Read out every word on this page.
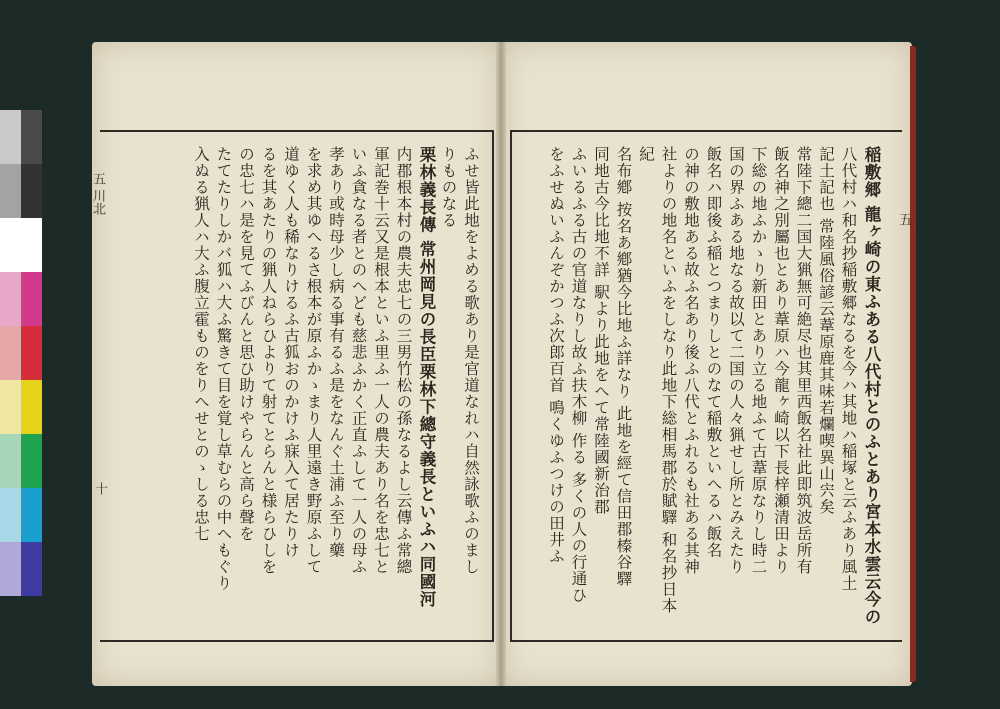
五 川北
十
五

ふせ皆此地をよめる歌あり是官道なれハ自然詠歌ふのまし

りものなる

栗林義長傳 常州岡見の長臣栗林下總守義長といふハ同國河

内郡根本村の農夫忠七の三男竹松の孫なるよし云傳ふ常總

軍記巻十云又是根本といふ里ふ一人の農夫あり名を忠七と

いふ貪なる者とのへども慈悲ふかく正直ふして一人の母ふ

孝あり或時母少し病る事有るふ是をなんぐ土浦ふ至り藥

を求め其ゆへるさ根本が原ふかゝまり人里遠き野原ふして

道ゆく人も稀なりけるふ古狐おのかけふ寐入て居たりけ

るを其あたりの猟人ねらひよりて射てとらんと様らひしを

の忠七ハ是を見てふびんと思ひ助けやらんと高ら聲を

たてたりしかバ狐ハ大ふ驚きて目を覚し草むらの中へもぐり

入ぬる猟人ハ大ふ腹立霍ものをりへせとのゝしる忠七	稲敷郷 龍ヶ崎の東ふある八代村とのふとあり宮本水雲云今の

八代村ハ和名抄稲敷郷なるを今ハ其地ハ稲塚と云ふあり風土

記土記也 常陸風俗諺云葦原鹿其味若爛喫異山宍矣

常陸下總二国大猟無可絶尽也其里西飯名社此即筑波岳所有

飯名神之別屬也とあり葦原ハ今龍ヶ崎以下長梓瀬清田より

下総の地ふかゝり新田とあり立る地ふて古葦原なりし時二

国の界ふある地なる故以て二国の人々猟せし所とみえたり

飯名ハ即後ふ稲とつまりしとのなて稲敷といへるハ飯名

の神の敷地ある故ふ名あり後ふ八代とふれるも社ある其神

社よりの地名といふをしなり此地下総相馬郡於賦驛 和名抄日本紀

名布鄕 按名あ鄕猶今比地ふ詳なり 此地を經て信田郡榛谷驛

同地古今比地不詳 駅より此地をへて常陸國新治郡

ふいるふる古の官道なりし故ふ扶木柳 作る 多くの人の行通ひ

をふせぬいふんぞかつふ次郎百首 鳴くゆふつけの田井ふ
